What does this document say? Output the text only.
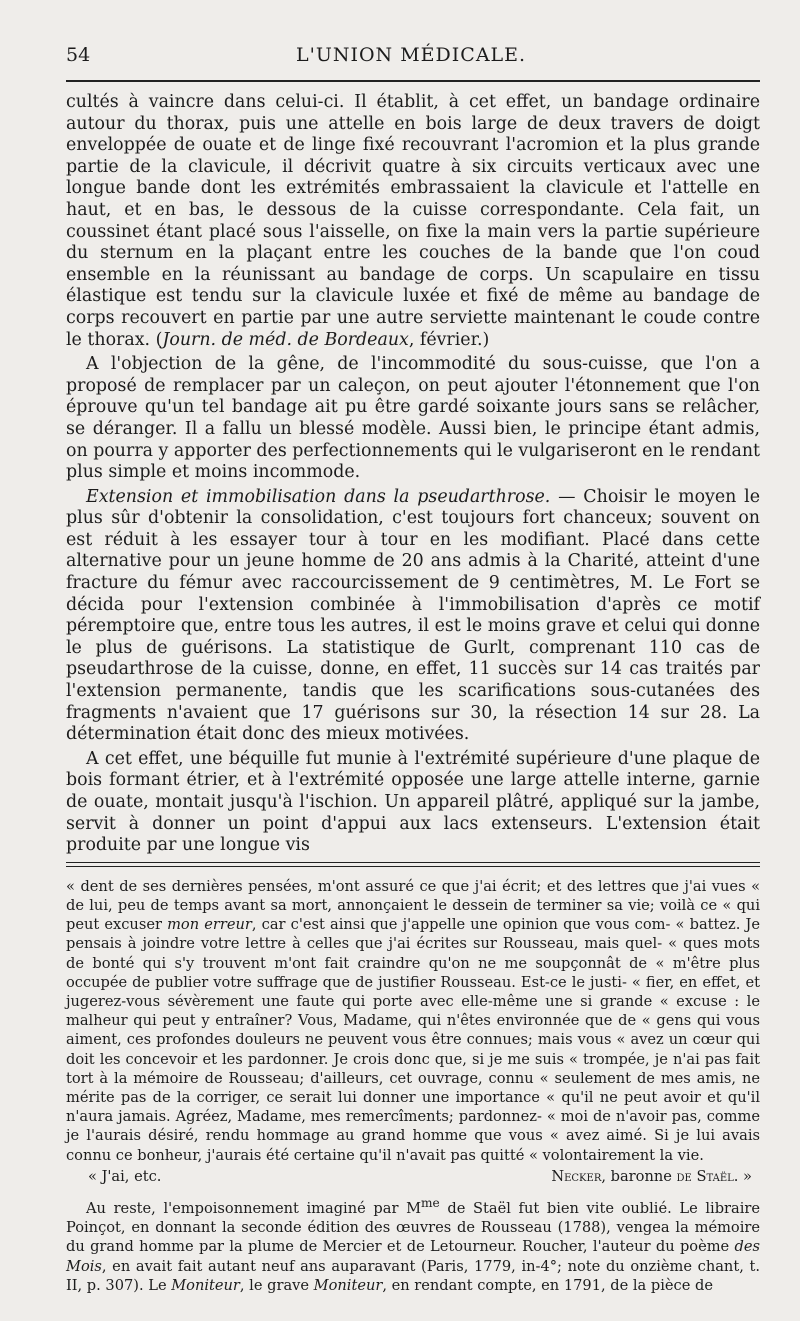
54	L'UNION MÉDICALE.

cultés à vaincre dans celui-ci. Il établit, à cet effet, un bandage ordinaire autour du thorax, puis une attelle en bois large de deux travers de doigt enveloppée de ouate et de linge fixé recouvrant l'acromion et la plus grande partie de la clavicule, il décrivit quatre à six circuits verticaux avec une longue bande dont les extrémités embrassaient la clavicule et l'attelle en haut, et en bas, le dessous de la cuisse correspondante. Cela fait, un coussinet étant placé sous l'aisselle, on fixe la main vers la partie supérieure du sternum en la plaçant entre les couches de la bande que l'on coud ensemble en la réunissant au bandage de corps. Un scapulaire en tissu élastique est tendu sur la clavicule luxée et fixé de même au bandage de corps recouvert en partie par une autre serviette maintenant le coude contre le thorax. (Journ. de méd. de Bordeaux, février.)

A l'objection de la gêne, de l'incommodité du sous-cuisse, que l'on a proposé de remplacer par un caleçon, on peut ajouter l'étonnement que l'on éprouve qu'un tel bandage ait pu être gardé soixante jours sans se relâcher, se déranger. Il a fallu un blessé modèle. Aussi bien, le principe étant admis, on pourra y apporter des perfectionnements qui le vulgariseront en le rendant plus simple et moins incommode.

Extension et immobilisation dans la pseudarthrose. — Choisir le moyen le plus sûr d'obtenir la consolidation, c'est toujours fort chanceux; souvent on est réduit à les essayer tour à tour en les modifiant. Placé dans cette alternative pour un jeune homme de 20 ans admis à la Charité, atteint d'une fracture du fémur avec raccourcissement de 9 centimètres, M. Le Fort se décida pour l'extension combinée à l'immobilisation d'après ce motif péremptoire que, entre tous les autres, il est le moins grave et celui qui donne le plus de guérisons. La statistique de Gurlt, comprenant 110 cas de pseudarthrose de la cuisse, donne, en effet, 11 succès sur 14 cas traités par l'extension permanente, tandis que les scarifications sous-cutanées des fragments n'avaient que 17 guérisons sur 30, la résection 14 sur 28. La détermination était donc des mieux motivées.

A cet effet, une béquille fut munie à l'extrémité supérieure d'une plaque de bois formant étrier, et à l'extrémité opposée une large attelle interne, garnie de ouate, montait jusqu'à l'ischion. Un appareil plâtré, appliqué sur la jambe, servit à donner un point d'appui aux lacs extenseurs. L'extension était produite par une longue vis

« dent de ses dernières pensées, m'ont assuré ce que j'ai écrit; et des lettres que j'ai vues « de lui, peu de temps avant sa mort, annonçaient le dessein de terminer sa vie; voilà ce « qui peut excuser mon erreur, car c'est ainsi que j'appelle une opinion que vous com- « battez. Je pensais à joindre votre lettre à celles que j'ai écrites sur Rousseau, mais quel- « ques mots de bonté qui s'y trouvent m'ont fait craindre qu'on ne me soupçonnât de « m'être plus occupée de publier votre suffrage que de justifier Rousseau. Est-ce le justi- « fier, en effet, et jugerez-vous sévèrement une faute qui porte avec elle-même une si grande « excuse : le malheur qui peut y entraîner? Vous, Madame, qui n'êtes environnée que de « gens qui vous aiment, ces profondes douleurs ne peuvent vous être connues; mais vous « avez un cœur qui doit les concevoir et les pardonner. Je crois donc que, si je me suis « trompée, je n'ai pas fait tort à la mémoire de Rousseau; d'ailleurs, cet ouvrage, connu « seulement de mes amis, ne mérite pas de la corriger, ce serait lui donner une importance « qu'il ne peut avoir et qu'il n'aura jamais. Agréez, Madame, mes remercîments; pardonnez- « moi de n'avoir pas, comme je l'aurais désiré, rendu hommage au grand homme que vous « avez aimé. Si je lui avais connu ce bonheur, j'aurais été certaine qu'il n'avait pas quitté « volontairement la vie.

« J'ai, etc.	Necker, baronne de Staël. »

Au reste, l'empoisonnement imaginé par $M^{me}$ de Staël fut bien vite oublié. Le libraire Poinçot, en donnant la seconde édition des œuvres de Rousseau (1788), vengea la mémoire du grand homme par la plume de Mercier et de Letourneur. Roucher, l'auteur du poème des Mois, en avait fait autant neuf ans auparavant (Paris, 1779, in-4°; note du onzième chant, t. II, p. 307). Le Moniteur, le grave Moniteur, en rendant compte, en 1791, de la pièce de
